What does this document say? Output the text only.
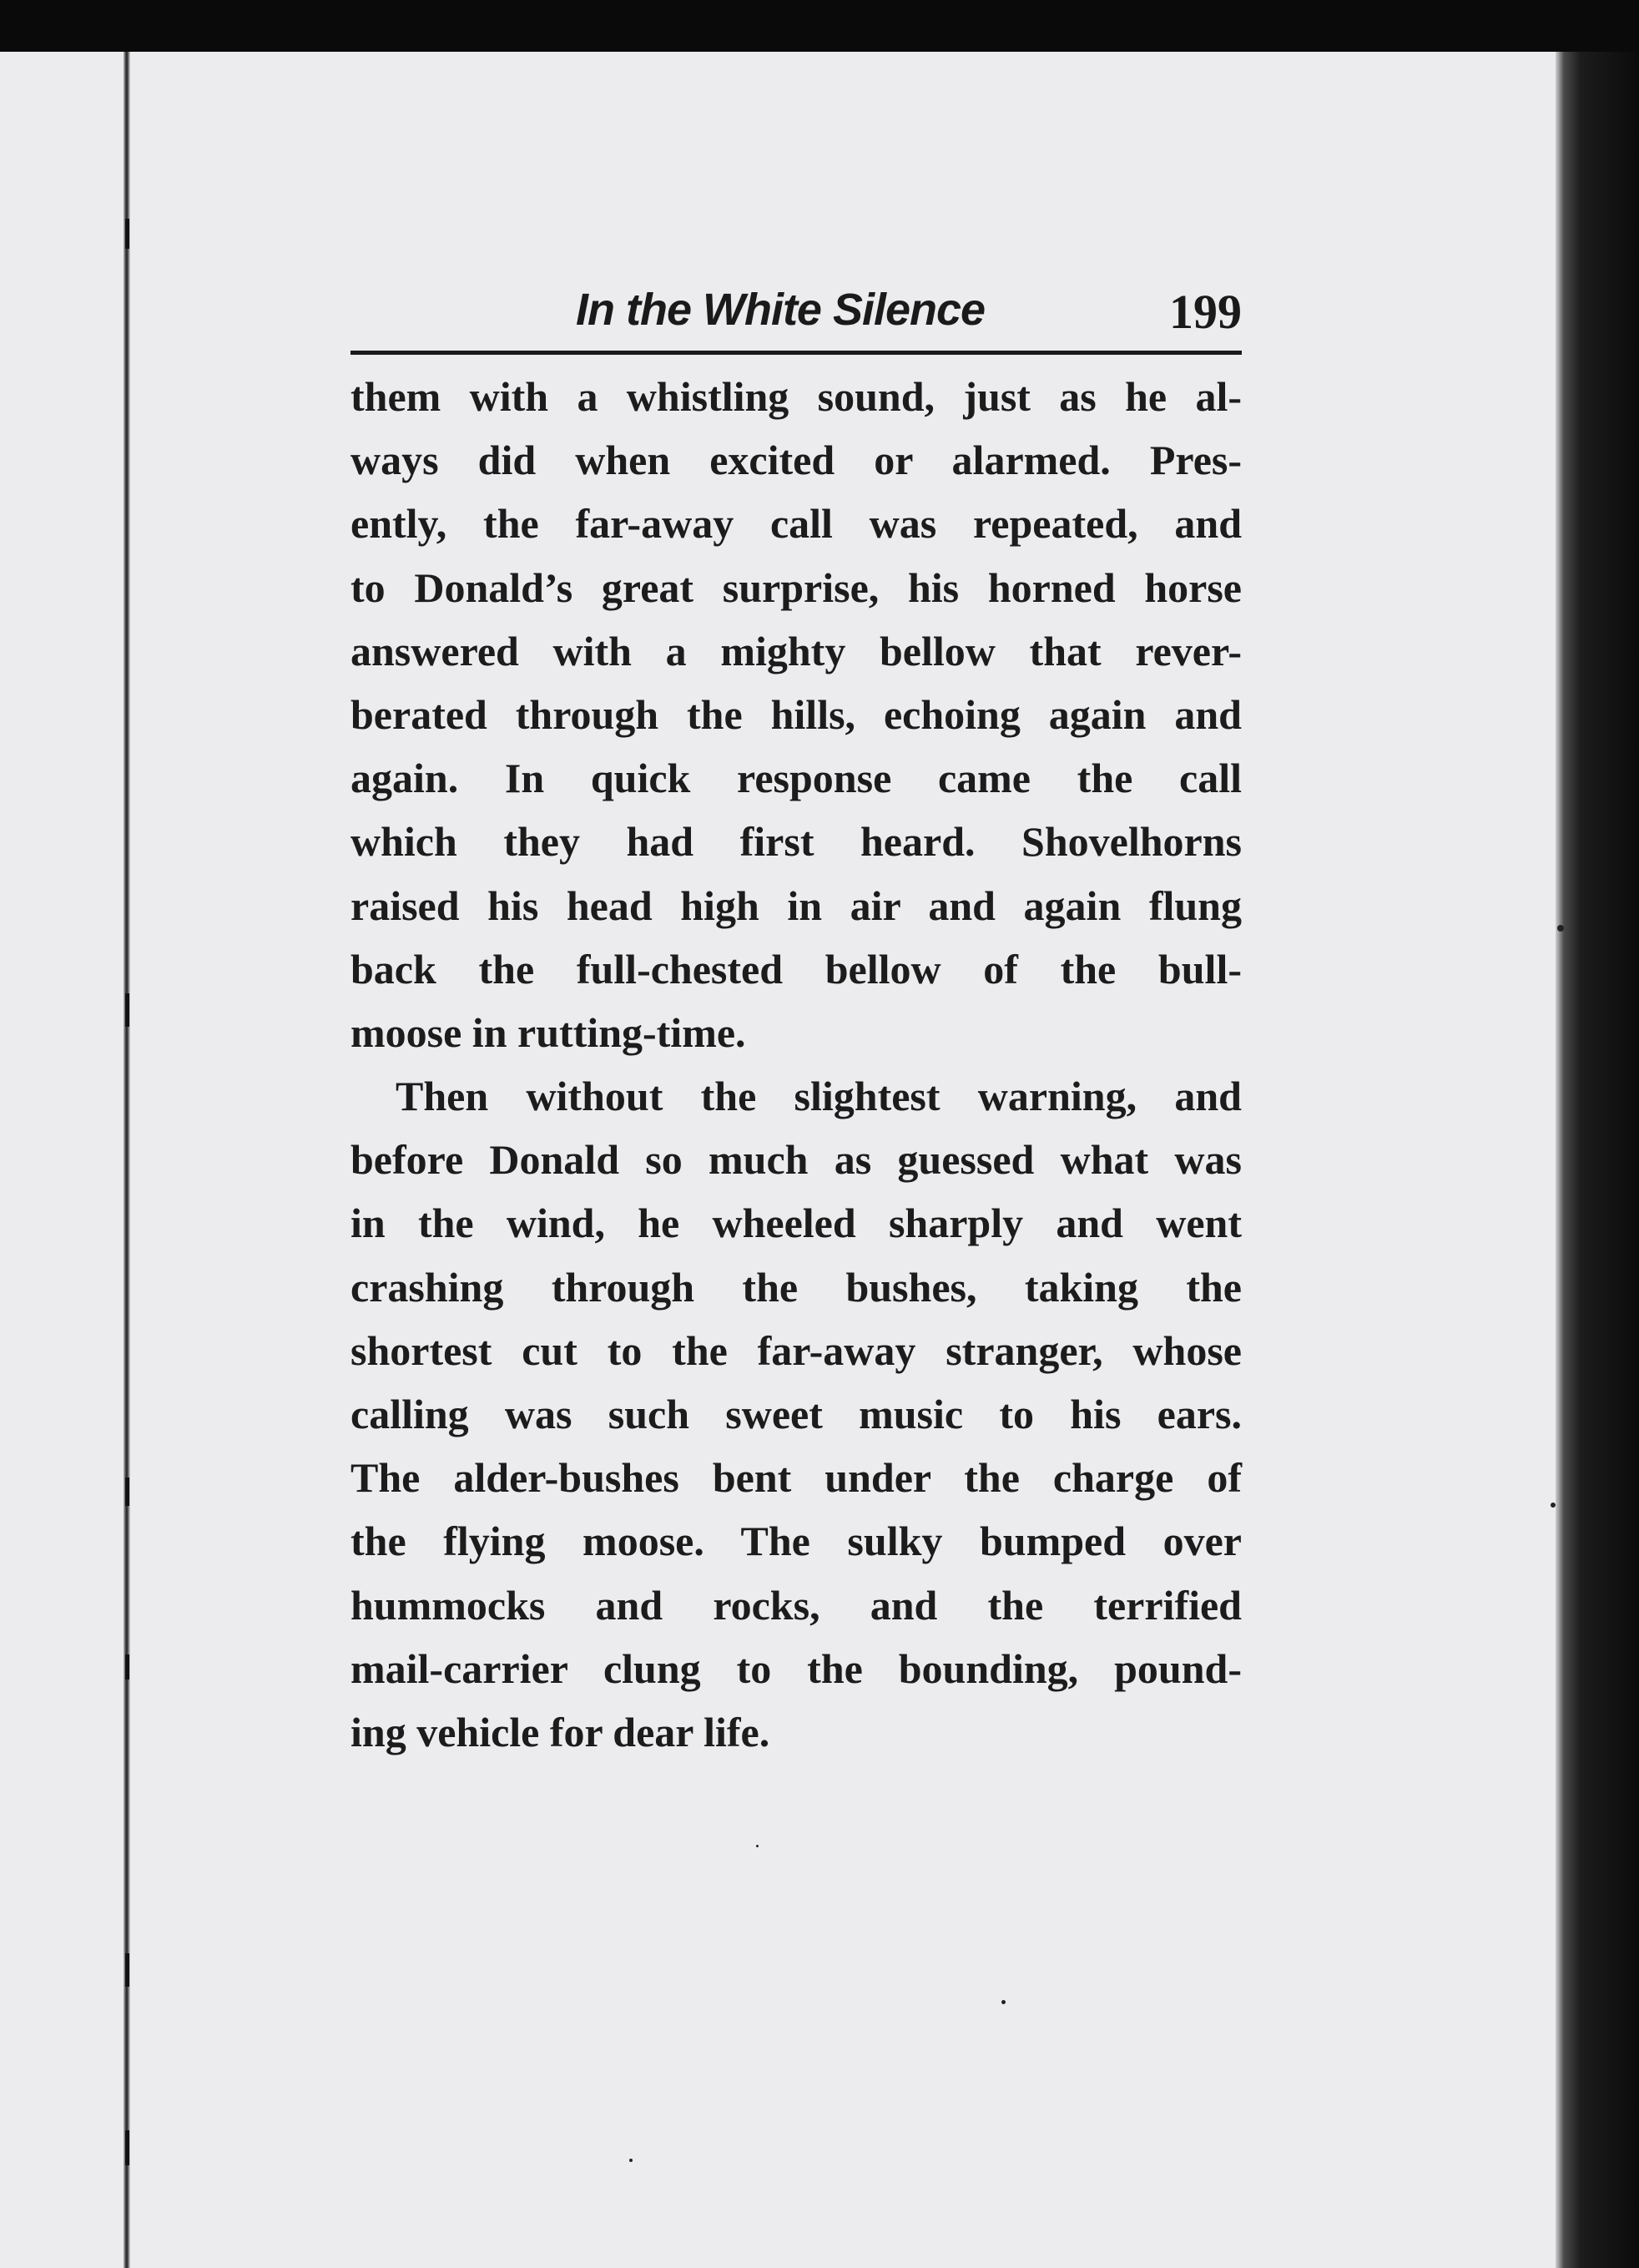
In the White Silence	199

them with a whistling sound, just as he al-
ways did when excited or alarmed. Pres-
ently, the far-away call was repeated, and
to Donald’s great surprise, his horned horse
answered with a mighty bellow that rever-
berated through the hills, echoing again and
again. In quick response came the call
which they had first heard. Shovelhorns
raised his head high in air and again flung
back the full-chested bellow of the bull-
moose in rutting-time.

Then without the slightest warning, and
before Donald so much as guessed what was
in the wind, he wheeled sharply and went
crashing through the bushes, taking the
shortest cut to the far-away stranger, whose
calling was such sweet music to his ears.
The alder-bushes bent under the charge of
the flying moose. The sulky bumped over
hummocks and rocks, and the terrified
mail-carrier clung to the bounding, pound-
ing vehicle for dear life.
